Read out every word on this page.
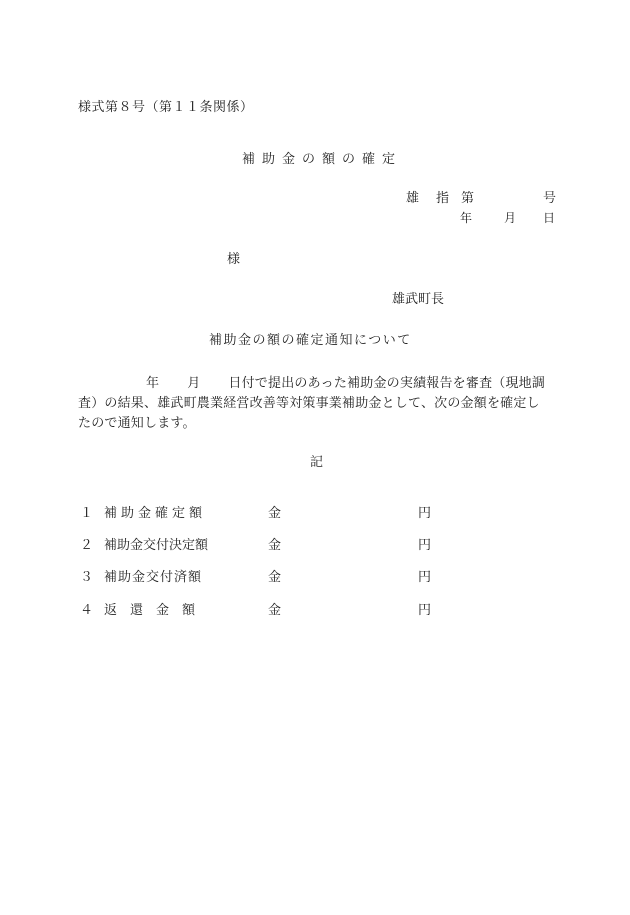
様式第８号（第１１条関係）
補助金の額の確定
雄　指 第	号
年	月 日
様
雄武町長
補助金の額の確定通知について
年 月 日付で提出のあった補助金の実績報告を審査（現地調
査）の結果、雄武町農業経営改善等対策事業補助金として、次の金額を確定し
たので通知します。
記
１ 補助金確定額	金	円
２ 補助金交付決定額	金	円
３ 補助金交付済額	金	円
４ 返　還　金　額	金	円
